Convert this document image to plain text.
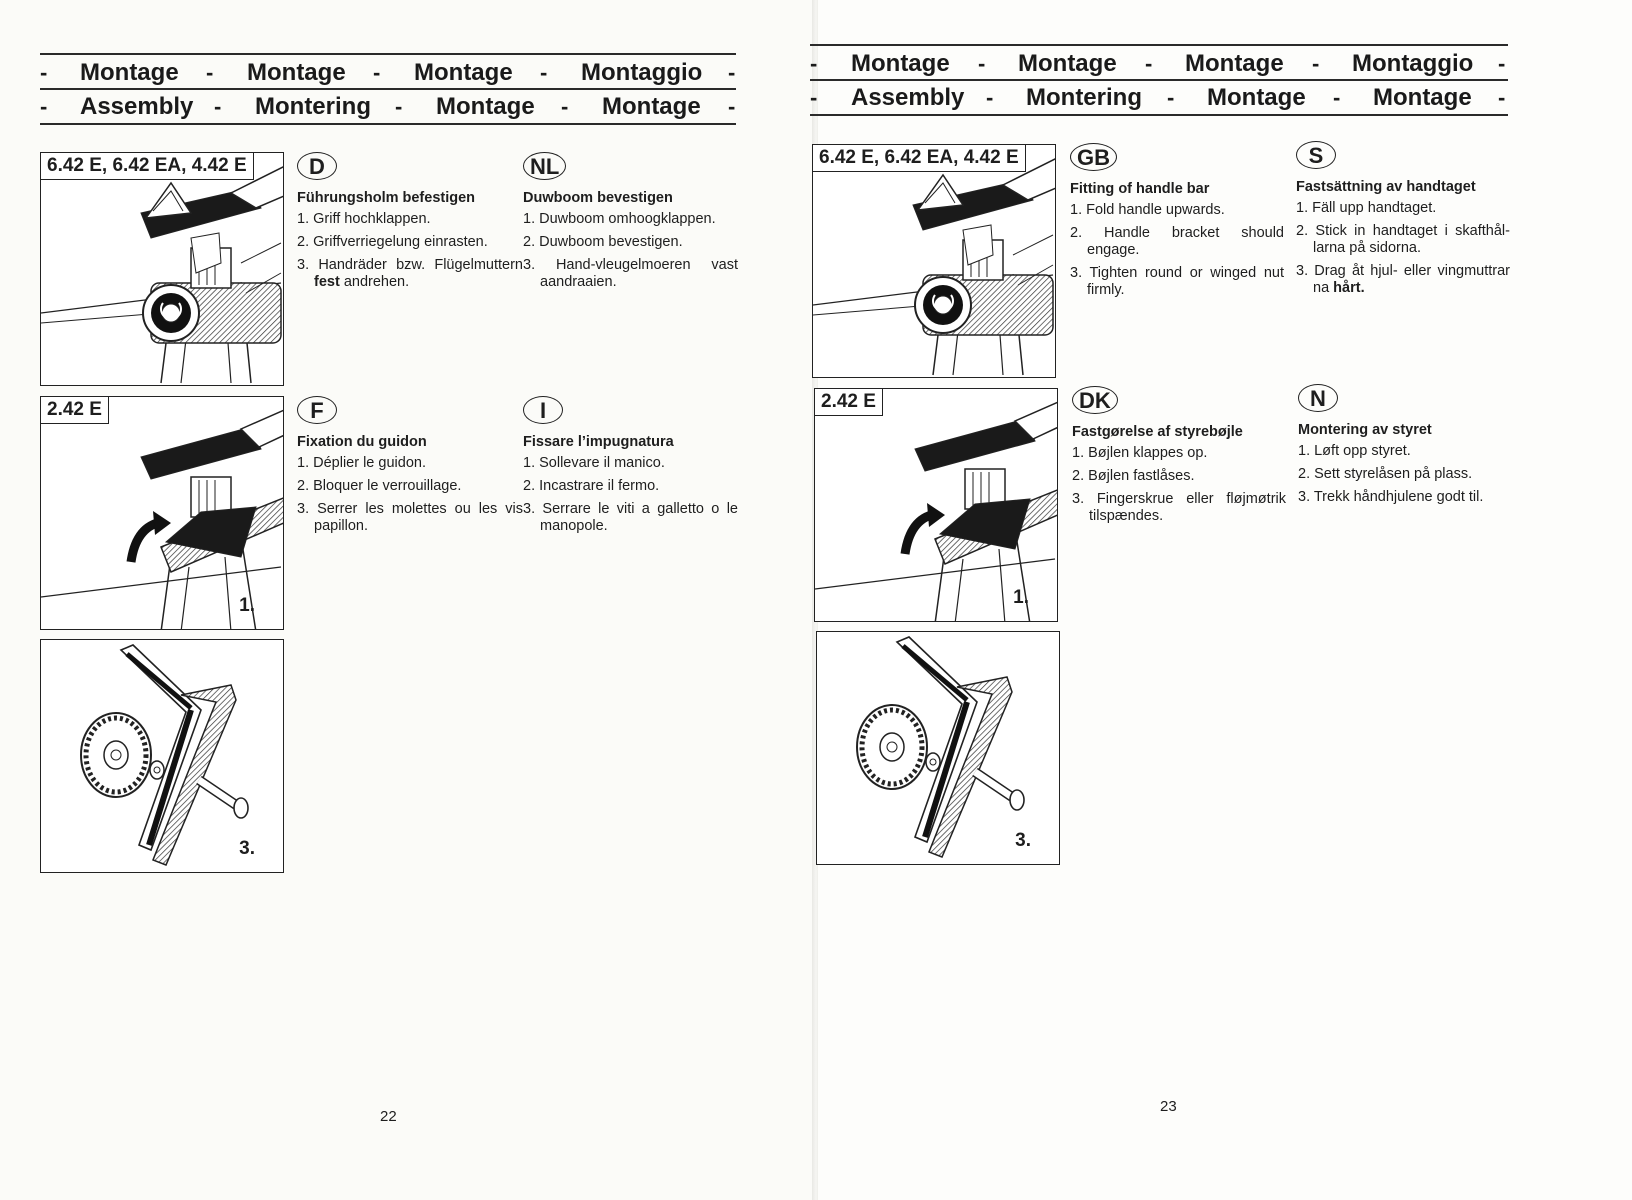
- Montage - Montage - Montage - Montaggio -
- Assembly - Montering - Montage - Montage -
6.42 E, 6.42 EA, 4.42 E
2.42 E
1.
3.
D
Führungsholm befestigen
1. Griff hochklappen.
2. Griffverriegelung einrasten.
3. Handräder bzw. Flügelmuttern fest andrehen.
NL
Duwboom bevestigen
1. Duwboom omhoogklappen.
2. Duwboom bevestigen.
3. Hand-vleugelmoeren vast aandraaien.
F
Fixation du guidon
1. Déplier le guidon.
2. Bloquer le verrouillage.
3. Serrer les molettes ou les vis papillon.
I
Fissare l’impugnatura
1. Sollevare il manico.
2. Incastrare il fermo.
3. Serrare le viti a galletto o le manopole.
22
- Montage - Montage - Montage - Montaggio -
- Assembly - Montering - Montage - Montage -
6.42 E, 6.42 EA, 4.42 E
2.42 E
1.
3.
GB
Fitting of handle bar
1. Fold handle upwards.
2. Handle bracket should engage.
3. Tighten round or winged nut firmly.
S
Fastsättning av handtaget
1. Fäll upp handtaget.
2. Stick in handtaget i skafthål-larna på sidorna.
3. Drag åt hjul- eller vingmuttrar na hårt.
DK
Fastgørelse af styrebøjle
1. Bøjlen klappes op.
2. Bøjlen fastlåses.
3. Fingerskrue eller fløjmøtrik tilspændes.
N
Montering av styret
1. Løft opp styret.
2. Sett styrelåsen på plass.
3. Trekk håndhjulene godt til.
23
